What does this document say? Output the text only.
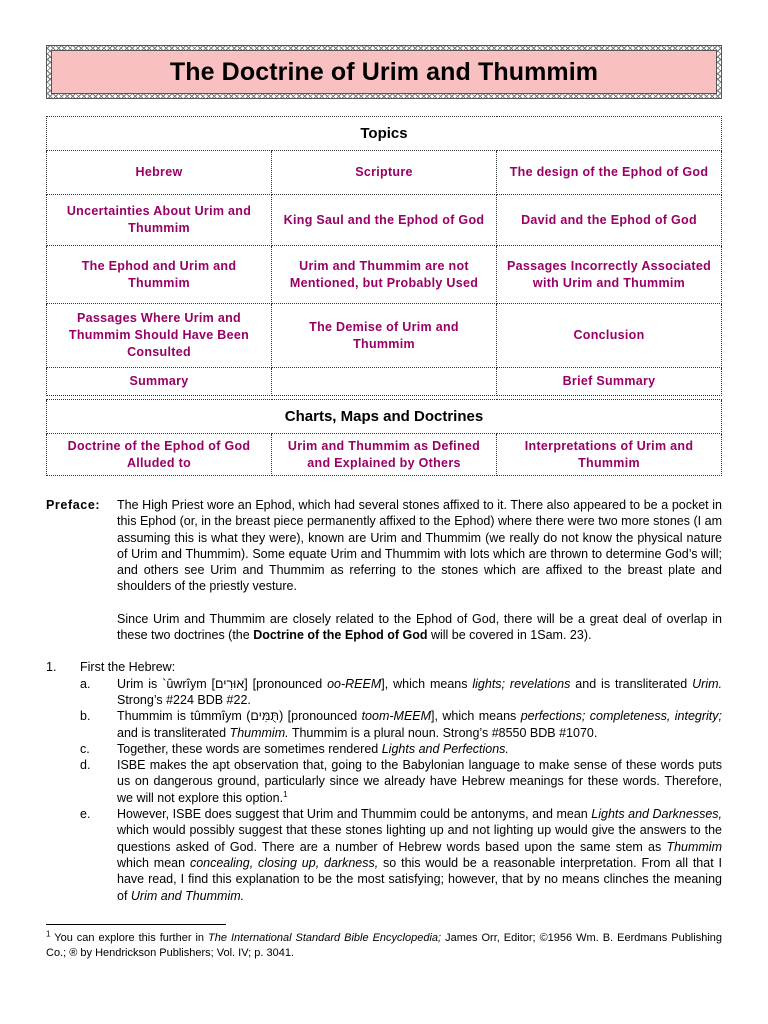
The Doctrine of Urim and Thummim
Topics		
Hebrew	Scripture	The design of the Ephod of God
Uncertainties About Urim and Thummim	King Saul and the Ephod of God	David and the Ephod of God
The Ephod and Urim and Thummim	Urim and Thummim are not Mentioned, but Probably Used	Passages Incorrectly Associated with Urim and Thummim
Passages Where Urim and Thummim Should Have Been Consulted	The Demise of Urim and Thummim	Conclusion
Summary		Brief Summary

Charts, Maps and Doctrines		
Doctrine of the Ephod of God Alluded to	Urim and Thummim as Defined and Explained by Others	Interpretations of Urim and Thummim
Preface:	The High Priest wore an Ephod, which had several stones affixed to it. There also appeared to be a pocket in this Ephod (or, in the breast piece permanently affixed to the Ephod) where there were two more stones (I am assuming this is what they were), known are Urim and Thummim (we really do not know the physical nature of Urim and Thummim). Some equate Urim and Thummim with lots which are thrown to determine God’s will; and others see Urim and Thummim as referring to the stones which are affixed to the breast plate and shoulders of the priestly vesture.
Since Urim and Thummim are closely related to the Ephod of God, there will be a great deal of overlap in these two doctrines (the Doctrine of the Ephod of God will be covered in 1Sam. 23).
1.	First the Hebrew:
a.	Urim is `ûwrîym [אוּרִים] [pronounced oo-REEM], which means lights; revelations and is transliterated Urim. Strong’s #224 BDB #22.
b.	Thummim is tûmmîym (תֻּמִּים) [pronounced toom-MEEM], which means perfections; completeness, integrity; and is transliterated Thummim. Thummim is a plural noun. Strong’s #8550 BDB #1070.
c.	Together, these words are sometimes rendered Lights and Perfections.
d.	ISBE makes the apt observation that, going to the Babylonian language to make sense of these words puts us on dangerous ground, particularly since we already have Hebrew meanings for these words. Therefore, we will not explore this option.$^1$
e.	However, ISBE does suggest that Urim and Thummim could be antonyms, and mean Lights and Darknesses, which would possibly suggest that these stones lighting up and not lighting up would give the answers to the questions asked of God. There are a number of Hebrew words based upon the same stem as Thummim which mean concealing, closing up, darkness, so this would be a reasonable interpretation. From all that I have read, I find this explanation to be the most satisfying; however, that by no means clinches the meaning of Urim and Thummim.
$^1$ You can explore this further in The International Standard Bible Encyclopedia; James Orr, Editor; ©1956 Wm. B. Eerdmans Publishing Co.; ® by Hendrickson Publishers; Vol. IV; p. 3041.
